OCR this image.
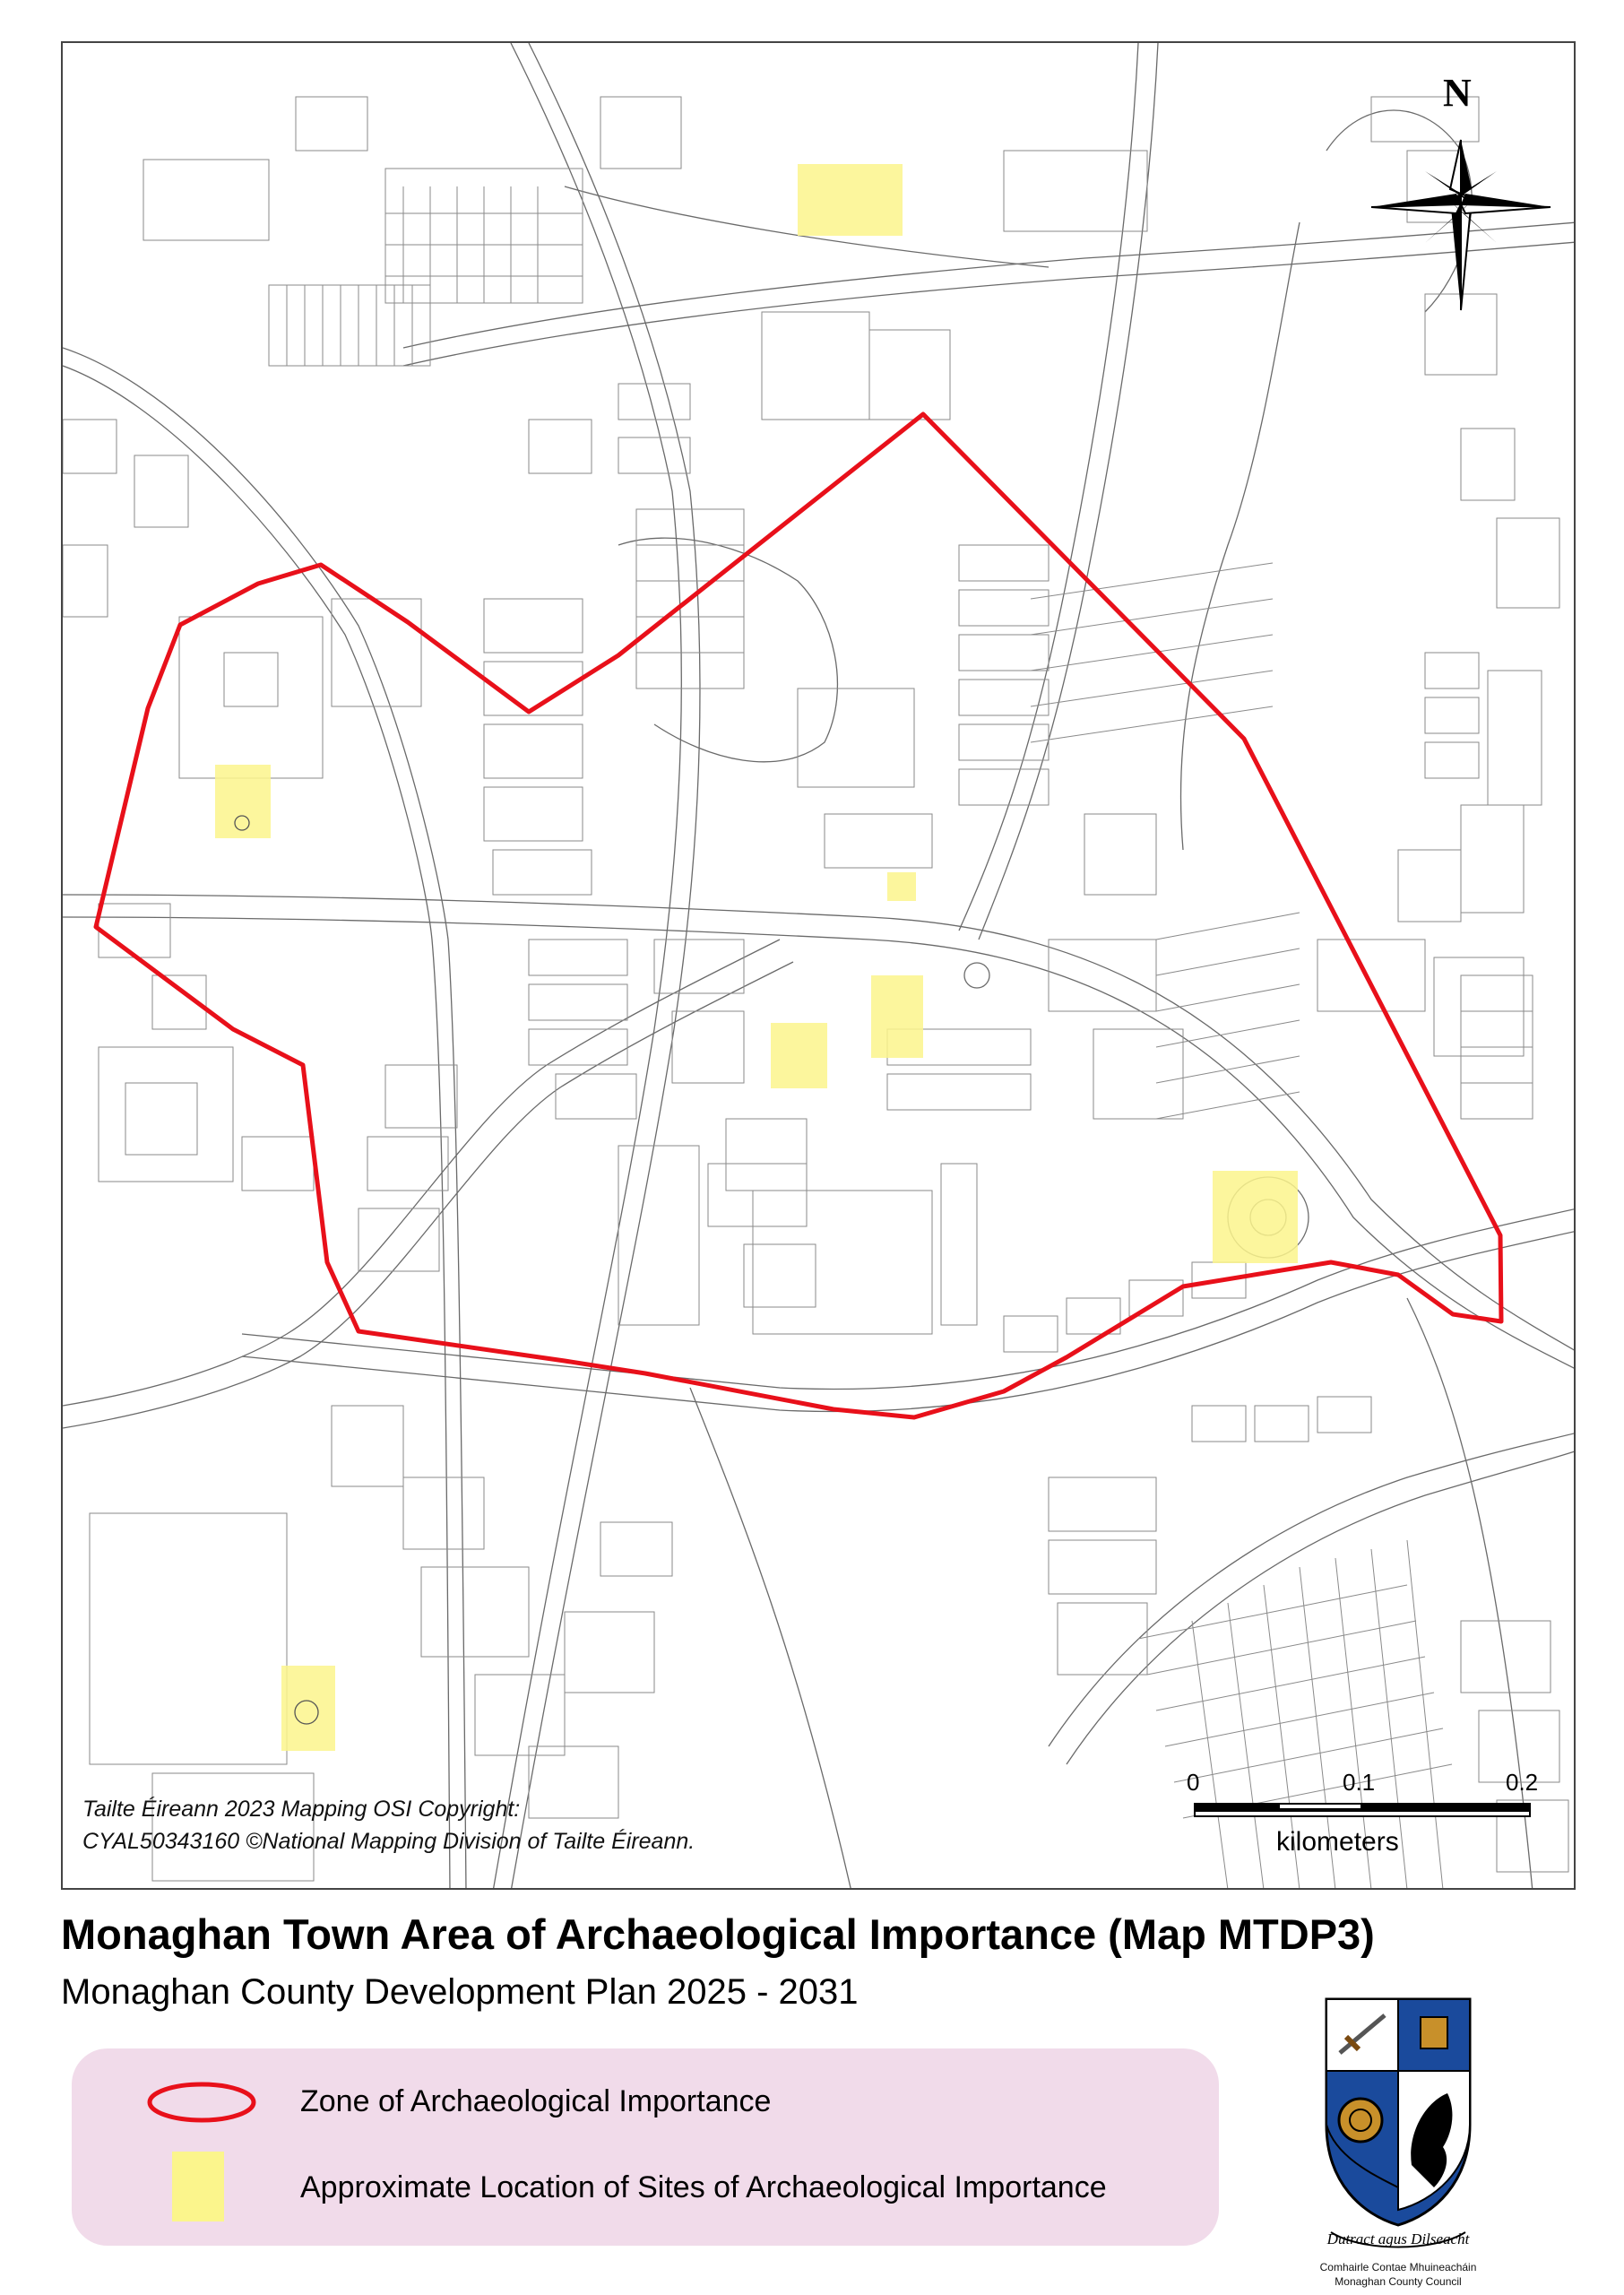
N
0	0.1	0.2
kilometers
Tailte Éireann 2023 Mapping OSI Copyright:
CYAL50343160 ©National Mapping Division of Tailte Éireann.
Monaghan Town Area of Archaeological Importance (Map MTDP3)
Monaghan County Development Plan 2025 - 2031
Zone of Archaeological Importance
Approximate Location of Sites of Archaeological Importance
Dutract agus Dilseacht
Comhairle Contae Mhuineacháin
Monaghan County Council
